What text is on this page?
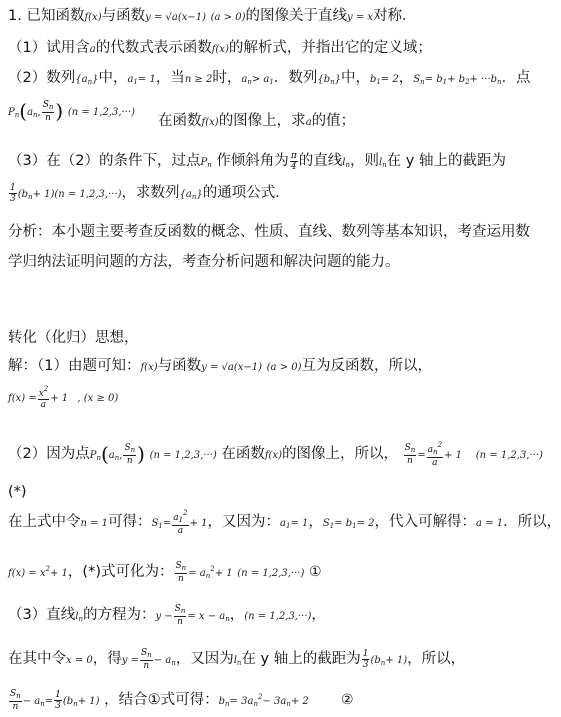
1. 已知函数f(x)与函数y = √a(x−1) (a > 0)的图像关于直线y = x对称．
（1）试用含a的代数式表示函数f(x)的解析式，并指出它的定义域；
（2）数列$\{a_n\}$中，$a_1= 1$，当n ≥ 2时，$a_n> a_1$．数列$\{b_n\}$中，$b_1= 2$，$S_n= b_1+ b_2+ \cdot\cdot\cdot b_n$．点
$P_n(a_n$, $\frac{S_n}{n}$ ) (n = 1,2,3,···)     在函数$_{f(x)}$的图像上，求$_a$的值；
（3）在（2）的条件下，过点$P_n$ 作倾斜角为 $\frac{\pi}{4}$ 的直线$l_n$，则$l_n$在 y 轴上的截距为
$\frac{1}{3} (b_n+ 1)(n = 1,2,3,\cdot\cdot\cdot)$，求数列$\{a_n\}$的通项公式．
分析：本小题主要考查反函数的概念、性质、直线、数列等基本知识，考查运用数
学归纳法证明问题的方法，考查分析问题和解决问题的能力。
转化（化归）思想，
解：（1）由题可知：f(x)与函数y = √a(x−1) (a > 0)互为反函数，所以，
$f(x) = \frac{x^2}{a} + 1$ , (x ≥ 0)
（2）因为点$P_n(a_n$, $\frac{S_n}{n}$ ) (n = 1,2,3,···) 在函数f(x)的图像上，所以， $\frac{S_n}{n} = \frac{a_n^2}{a} + 1$ (n = 1,2,3,···)
(*)
在上式中令n = 1可得：$S_1= \frac{a_1^2}{a} + 1$，又因为：$a_1= 1$，$S_1= b_1= 2$，代入可解得：a = 1．所以，
$f(x) = x^2+ 1$，(*)式可化为： $\frac{S_n}{n} = a_n^2+ 1$ (n = 1,2,3,···) ①
（3）直线$l_n$的方程为：$y - \frac{S_n}{n} = x - a_n$，(n = 1,2,3,···)，
在其中令x = 0，得$y = \frac{S_n}{n} - a_n$，又因为$l_n$在 y 轴上的截距为 $\frac{1}{3} (b_n+ 1)$，所以，
$\frac{S_n}{n} - a_n= \frac{1}{3} (b_n+ 1)$ ，结合①式可得：$b_n= 3a_n^2- 3a_n+ 2$ ②
